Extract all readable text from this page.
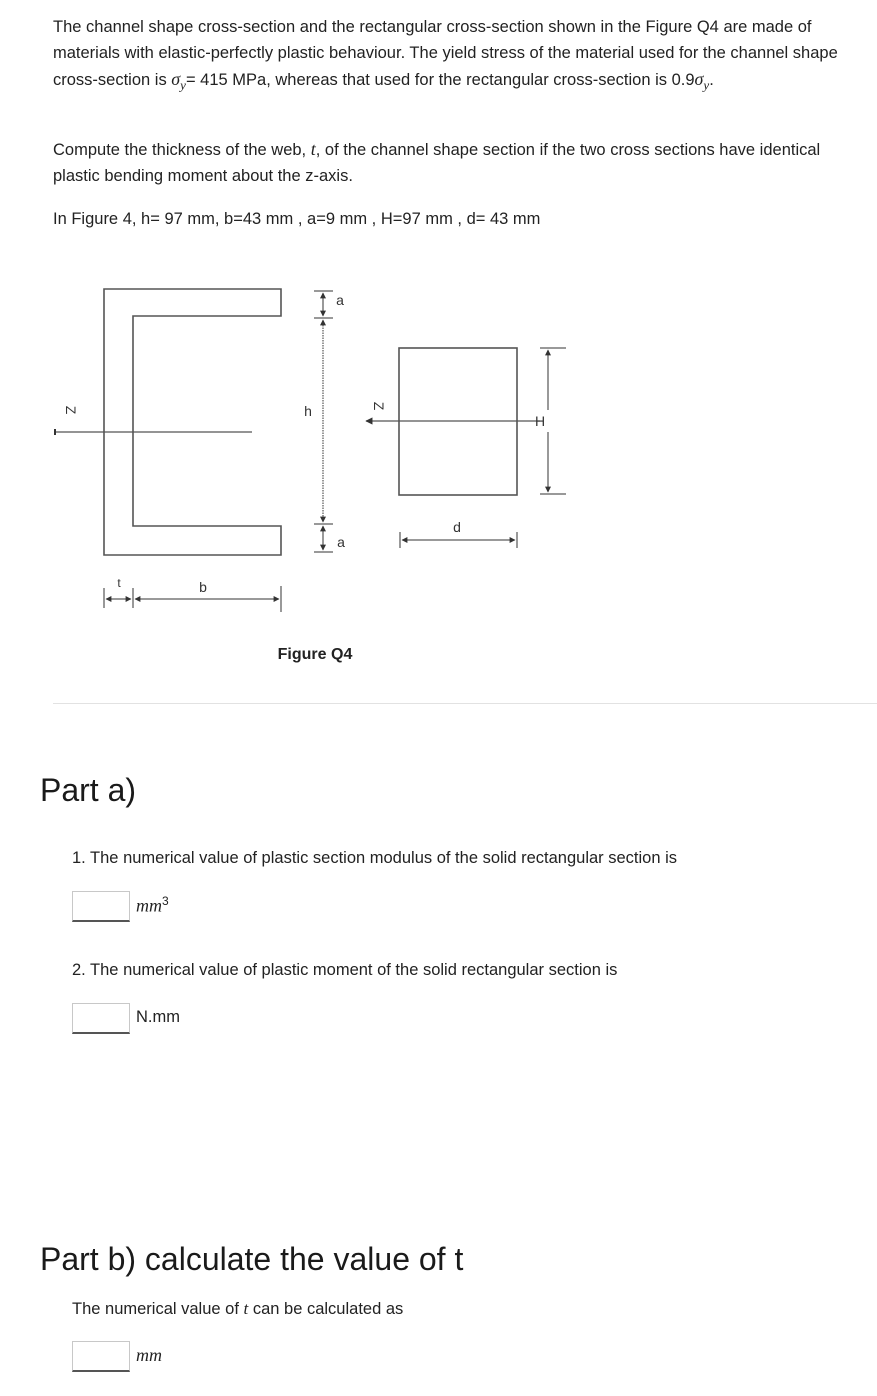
The channel shape cross-section and the rectangular cross-section shown in the Figure Q4 are made of materials with elastic-perfectly plastic behaviour. The yield stress of the material used for the channel shape cross-section is $\sigma_y= 415$ MPa, whereas that used for the rectangular cross-section is $0.9\sigma_y$.
Compute the thickness of the web, t, of the channel shape section if the two cross sections have identical plastic bending moment about the z-axis.
In Figure 4, h= 97 mm, b=43 mm , a=9 mm , H=97 mm , d= 43 mm
Z
a
h
a
Z
H
d
t	b
Figure Q4
Part a)
1. The numerical value of plastic section modulus of the solid rectangular section is
$mm^3$
2. The numerical value of plastic moment of the solid rectangular section is
N.mm
Part b) calculate the value of t
The numerical value of t can be calculated as
mm
